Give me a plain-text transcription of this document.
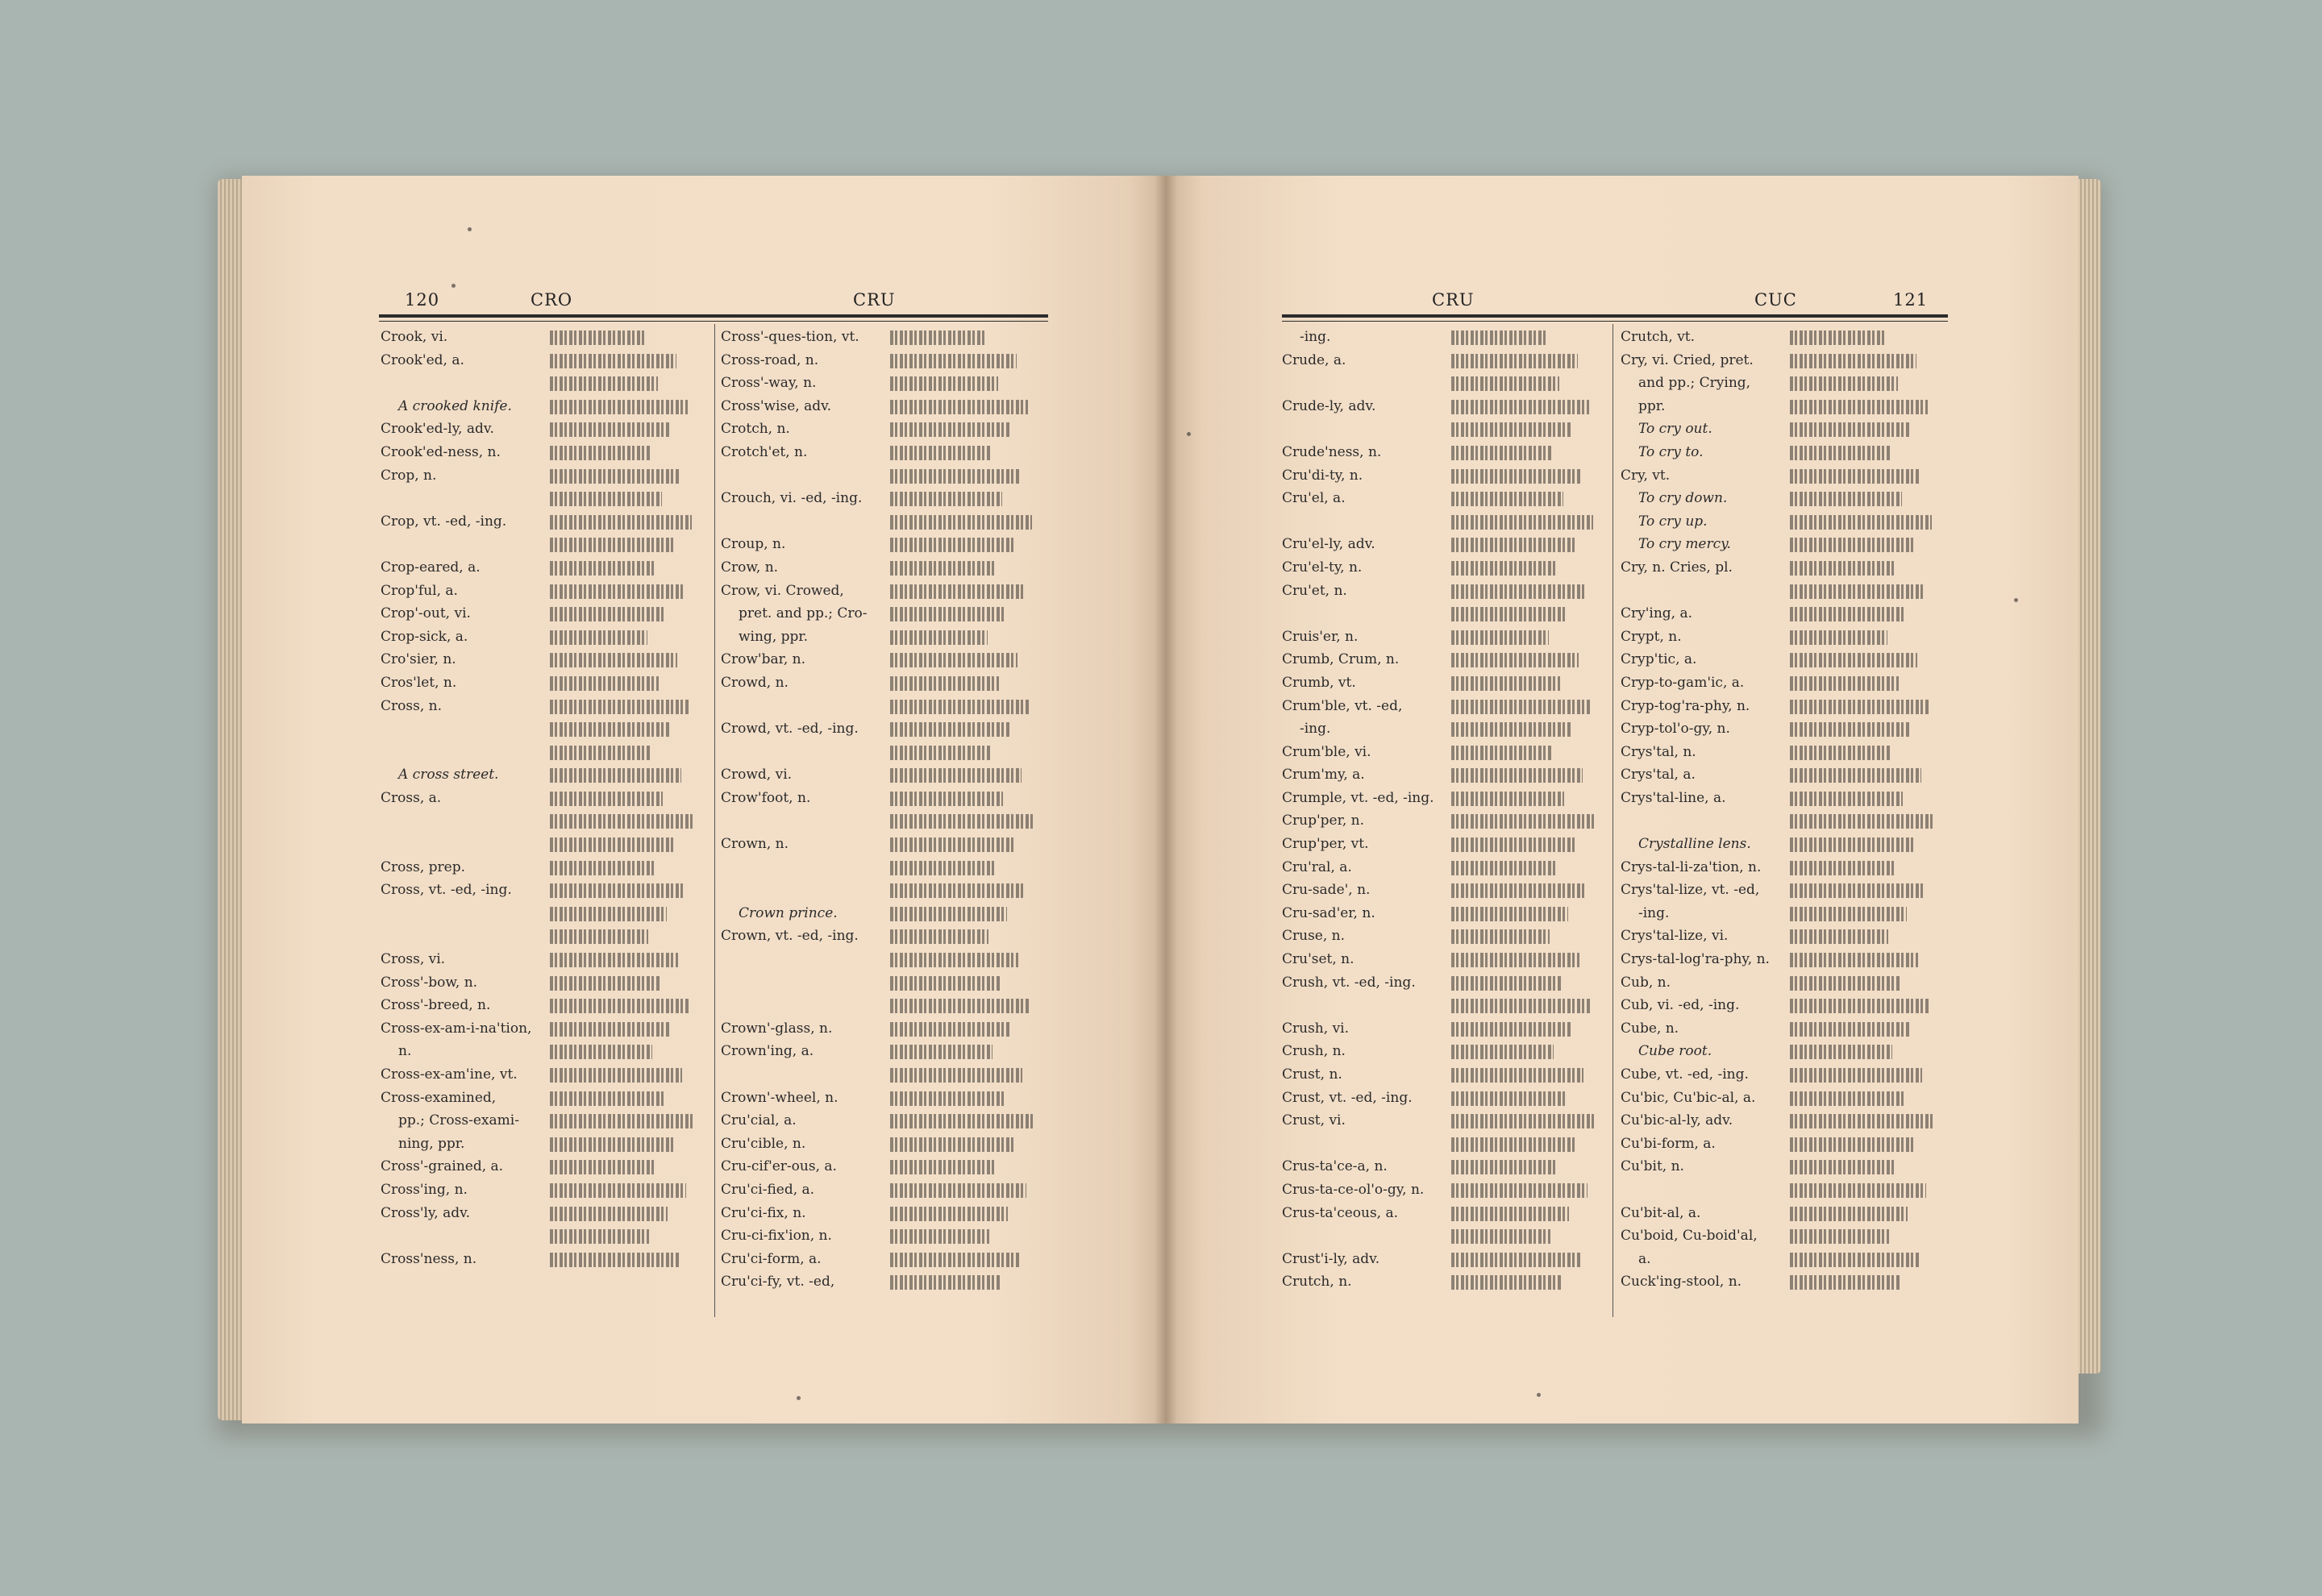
120	CRO	CRU	CRU	CUC	121
Crook, vi.
Crook'ed, a.
A crooked knife.
Crook'ed-ly, adv.
Crook'ed-ness, n.
Crop, n.
Crop, vt. -ed, -ing.
Crop-eared, a.
Crop'ful, a.
Crop'-out, vi.
Crop-sick, a.
Cro'sier, n.
Cros'let, n.
Cross, n.
A cross street.
Cross, a.
Cross, prep.
Cross, vt. -ed, -ing.
Cross, vi.
Cross'-bow, n.
Cross'-breed, n.
Cross-ex-am-i-na'tion,
n.
Cross-ex-am'ine, vt.
Cross-examined,
pp.; Cross-exami-
ning, ppr.
Cross'-grained, a.
Cross'ing, n.
Cross'ly, adv.
Cross'ness, n.
Cross'-ques-tion, vt.
Cross-road, n.
Cross'-way, n.
Cross'wise, adv.
Crotch, n.
Crotch'et, n.
Crouch, vi. -ed, -ing.
Croup, n.
Crow, n.
Crow, vi. Crowed,
pret. and pp.; Cro-
wing, ppr.
Crow'bar, n.
Crowd, n.
Crowd, vt. -ed, -ing.
Crowd, vi.
Crow'foot, n.
Crown, n.
Crown prince.
Crown, vt. -ed, -ing.
Crown'-glass, n.
Crown'ing, a.
Crown'-wheel, n.
Cru'cial, a.
Cru'cible, n.
Cru-cif'er-ous, a.
Cru'ci-fied, a.
Cru'ci-fix, n.
Cru-ci-fix'ion, n.
Cru'ci-form, a.
Cru'ci-fy, vt. -ed,
-ing.
Crude, a.
Crude-ly, adv.
Crude'ness, n.
Cru'di-ty, n.
Cru'el, a.
Cru'el-ly, adv.
Cru'el-ty, n.
Cru'et, n.
Cruis'er, n.
Crumb, Crum, n.
Crumb, vt.
Crum'ble, vt. -ed,
-ing.
Crum'ble, vi.
Crum'my, a.
Crumple, vt. -ed, -ing.
Crup'per, n.
Crup'per, vt.
Cru'ral, a.
Cru-sade', n.
Cru-sad'er, n.
Cruse, n.
Cru'set, n.
Crush, vt. -ed, -ing.
Crush, vi.
Crush, n.
Crust, n.
Crust, vt. -ed, -ing.
Crust, vi.
Crus-ta'ce-a, n.
Crus-ta-ce-ol'o-gy, n.
Crus-ta'ceous, a.
Crust'i-ly, adv.
Crutch, n.
Crutch, vt.
Cry, vi. Cried, pret.
and pp.; Crying,
ppr.
To cry out.
To cry to.
Cry, vt.
To cry down.
To cry up.
To cry mercy.
Cry, n. Cries, pl.
Cry'ing, a.
Crypt, n.
Cryp'tic, a.
Cryp-to-gam'ic, a.
Cryp-tog'ra-phy, n.
Cryp-tol'o-gy, n.
Crys'tal, n.
Crys'tal, a.
Crys'tal-line, a.
Crystalline lens.
Crys-tal-li-za'tion, n.
Crys'tal-lize, vt. -ed,
-ing.
Crys'tal-lize, vi.
Crys-tal-log'ra-phy, n.
Cub, n.
Cub, vi. -ed, -ing.
Cube, n.
Cube root.
Cube, vt. -ed, -ing.
Cu'bic, Cu'bic-al, a.
Cu'bic-al-ly, adv.
Cu'bi-form, a.
Cu'bit, n.
Cu'bit-al, a.
Cu'boid, Cu-boid'al,
a.
Cuck'ing-stool, n.
